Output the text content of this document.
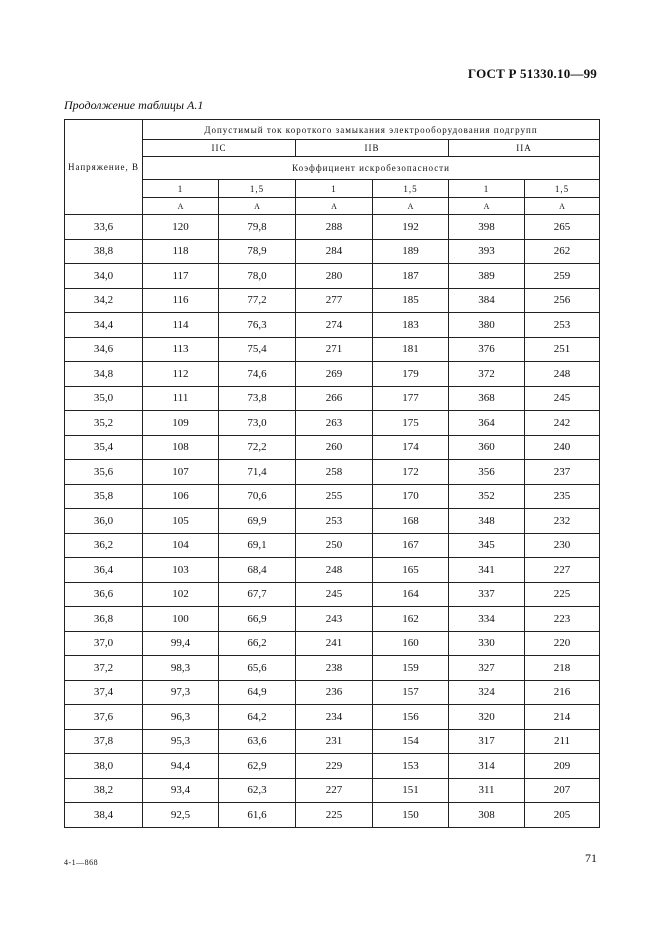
ГОСТ Р 51330.10—99
Продолжение таблицы А.1
Напряжение, В	Допустимый ток короткого замыкания электрооборудования подгрупп					
	IIC		IIB		IIA	
	Коэффициент искробезопасности					
	1	1,5	1	1,5	1	1,5
	А	А	А	А	А	А
33,6	120	79,8	288	192	398	265
38,8	118	78,9	284	189	393	262
34,0	117	78,0	280	187	389	259
34,2	116	77,2	277	185	384	256
34,4	114	76,3	274	183	380	253
34,6	113	75,4	271	181	376	251
34,8	112	74,6	269	179	372	248
35,0	111	73,8	266	177	368	245
35,2	109	73,0	263	175	364	242
35,4	108	72,2	260	174	360	240
35,6	107	71,4	258	172	356	237
35,8	106	70,6	255	170	352	235
36,0	105	69,9	253	168	348	232
36,2	104	69,1	250	167	345	230
36,4	103	68,4	248	165	341	227
36,6	102	67,7	245	164	337	225
36,8	100	66,9	243	162	334	223
37,0	99,4	66,2	241	160	330	220
37,2	98,3	65,6	238	159	327	218
37,4	97,3	64,9	236	157	324	216
37,6	96,3	64,2	234	156	320	214
37,8	95,3	63,6	231	154	317	211
38,0	94,4	62,9	229	153	314	209
38,2	93,4	62,3	227	151	311	207
38,4	92,5	61,6	225	150	308	205
4-1—868	71
